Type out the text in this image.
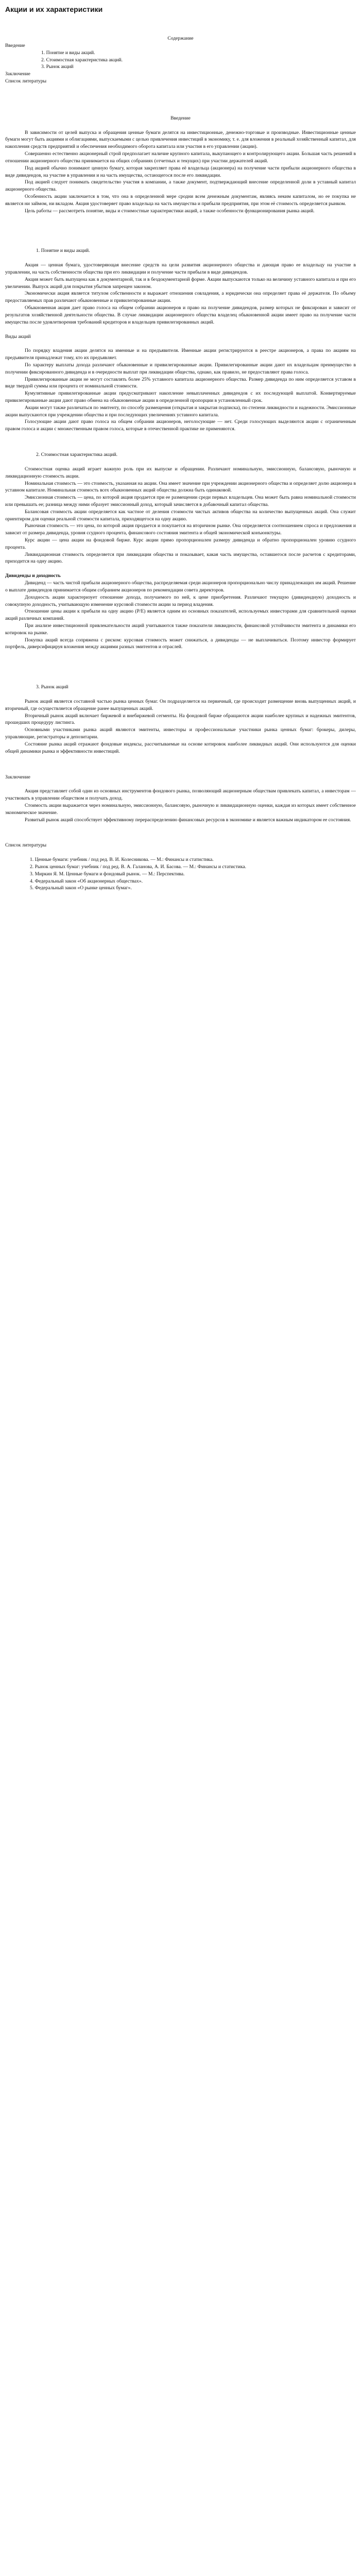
Акции и их характеристики
Содержание
Введение
1. Понятие и виды акций.
2. Стоимостная характеристика акций.
3. Рынок акций
Заключение
Список литературы
Введение

В зависимости от целей выпуска и обращения ценные бумаги делятся на инвестиционные, денежно-торговые и производные. Инвестиционные ценные бумаги могут быть акциями и облигациями, выпускаемыми с целью привлечения инвестиций в экономику, т. е. для вложения в реальный хозяйственный капитал, для накопления средств предприятий и обеспечения необходимого оборота капитала или участия в его управлении (акции).

Совершенно естественно акционерный строй предполагает наличие крупного капитала, выкупающего и контролирующего акции. Большая часть решений в отношении акционерного общества принимается на общих собраниях (отчетных и текущих) при участии держателей акций.

Под акцией обычно понимают ценную бумагу, которая закрепляет права её владельца (акционера) на получение части прибыли акционерного общества в виде дивидендов, на участие в управлении и на часть имущества, остающегося после его ликвидации.

Под акцией следует понимать свидетельство участия в компании, а также документ, подтверждающий внесение определенной доли в уставный капитал акционерного общества.

Особенность акции заключается в том, что она в определенной мере сродни всем денежным документам, являясь неким капиталом, но ее покупка не является ни займом, ни вкладом. Акция удостоверяет право владельца на часть имущества и прибыли предприятия, при этом её стоимость определяется рынком.

Цель работы — рассмотреть понятие, виды и стоимостные характеристики акций, а также особенности функционирования рынка акций.

1. Понятие и виды акций.

Акция — ценная бумага, удостоверяющая внесение средств на цели развития акционерного общества и дающая право ее владельцу на участие в управлении, на часть собственности общества при его ликвидации и получение части прибыли в виде дивидендов.

Акция может быть выпущена как в документарной, так и в бездокументарной форме. Акции выпускаются только на величину уставного капитала и при его увеличении. Выпуск акций для покрытия убытков запрещен законом.

Экономически акция является титулом собственности и выражает отношения совладения, а юридически она определяет права её держателя. По объему предоставляемых прав различают обыкновенные и привилегированные акции.

Обыкновенная акция дает право голоса на общем собрании акционеров и право на получение дивидендов, размер которых не фиксирован и зависит от результатов хозяйственной деятельности общества. В случае ликвидации акционерного общества владелец обыкновенной акции имеет право на получение части имущества после удовлетворения требований кредиторов и владельцев привилегированных акций.

Виды акций

По порядку владения акции делятся на именные и на предъявителя. Именные акции регистрируются в реестре акционеров, а права по акциям на предъявителя принадлежат тому, кто их предъявляет.

По характеру выплаты дохода различают обыкновенные и привилегированные акции. Привилегированные акции дают их владельцам преимущество в получении фиксированного дивиденда и в очередности выплат при ликвидации общества, однако, как правило, не предоставляют права голоса.

Привилегированные акции не могут составлять более 25% уставного капитала акционерного общества. Размер дивиденда по ним определяется уставом в виде твердой суммы или процента от номинальной стоимости.

Кумулятивные привилегированные акции предусматривают накопление невыплаченных дивидендов с их последующей выплатой. Конвертируемые привилегированные акции дают право обмена на обыкновенные акции в определенной пропорции в установленный срок.

Акции могут также различаться по эмитенту, по способу размещения (открытая и закрытая подписка), по степени ликвидности и надежности. Эмиссионные акции выпускаются при учреждении общества и при последующих увеличениях уставного капитала.

Голосующие акции дают право голоса на общем собрании акционеров, неголосующие — нет. Среди голосующих выделяются акции с ограниченным правом голоса и акции с множественным правом голоса, которые в отечественной практике не применяются.

2. Стоимостная характеристика акций.

Стоимостная оценка акций играет важную роль при их выпуске и обращении. Различают номинальную, эмиссионную, балансовую, рыночную и ликвидационную стоимость акции.

Номинальная стоимость — это стоимость, указанная на акции. Она имеет значение при учреждении акционерного общества и определяет долю акционера в уставном капитале. Номинальная стоимость всех обыкновенных акций общества должна быть одинаковой.

Эмиссионная стоимость — цена, по которой акция продается при ее размещении среди первых владельцев. Она может быть равна номинальной стоимости или превышать ее; разница между ними образует эмиссионный доход, который зачисляется в добавочный капитал общества.

Балансовая стоимость акции определяется как частное от деления стоимости чистых активов общества на количество выпущенных акций. Она служит ориентиром для оценки реальной стоимости капитала, приходящегося на одну акцию.

Рыночная стоимость — это цена, по которой акция продается и покупается на вторичном рынке. Она определяется соотношением спроса и предложения и зависит от размера дивиденда, уровня ссудного процента, финансового состояния эмитента и общей экономической конъюнктуры.

Курс акции — цена акции на фондовой бирже. Курс акции прямо пропорционален размеру дивиденда и обратно пропорционален уровню ссудного процента.

Ликвидационная стоимость определяется при ликвидации общества и показывает, какая часть имущества, оставшегося после расчетов с кредиторами, приходится на одну акцию.

Дивиденды и доходность

Дивиденд — часть чистой прибыли акционерного общества, распределяемая среди акционеров пропорционально числу принадлежащих им акций. Решение о выплате дивидендов принимается общим собранием акционеров по рекомендации совета директоров.

Доходность акции характеризует отношение дохода, получаемого по ней, к цене приобретения. Различают текущую (дивидендную) доходность и совокупную доходность, учитывающую изменение курсовой стоимости акции за период владения.

Отношение цены акции к прибыли на одну акцию (P/E) является одним из основных показателей, используемых инвесторами для сравнительной оценки акций различных компаний.

При анализе инвестиционной привлекательности акций учитываются также показатели ликвидности, финансовой устойчивости эмитента и динамики его котировок на рынке.

Покупка акций всегда сопряжена с риском: курсовая стоимость может снижаться, а дивиденды — не выплачиваться. Поэтому инвестор формирует портфель, диверсифицируя вложения между акциями разных эмитентов и отраслей.

3. Рынок акций

Рынок акций является составной частью рынка ценных бумаг. Он подразделяется на первичный, где происходит размещение вновь выпущенных акций, и вторичный, где осуществляется обращение ранее выпущенных акций.

Вторичный рынок акций включает биржевой и внебиржевой сегменты. На фондовой бирже обращаются акции наиболее крупных и надежных эмитентов, прошедших процедуру листинга.

Основными участниками рынка акций являются эмитенты, инвесторы и профессиональные участники рынка ценных бумаг: брокеры, дилеры, управляющие, регистраторы и депозитарии.

Состояние рынка акций отражают фондовые индексы, рассчитываемые на основе котировок наиболее ликвидных акций. Они используются для оценки общей динамики рынка и эффективности инвестиций.

Заключение

Акция представляет собой один из основных инструментов фондового рынка, позволяющий акционерным обществам привлекать капитал, а инвесторам — участвовать в управлении обществом и получать доход.

Стоимость акции выражается через номинальную, эмиссионную, балансовую, рыночную и ликвидационную оценки, каждая из которых имеет собственное экономическое значение.

Развитый рынок акций способствует эффективному перераспределению финансовых ресурсов в экономике и является важным индикатором ее состояния.

Список литературы

1. Ценные бумаги: учебник / под ред. В. И. Колесникова. — М.: Финансы и статистика.
2. Рынок ценных бумаг: учебник / под ред. В. А. Галанова, А. И. Басова. — М.: Финансы и статистика.
3. Миркин Я. М. Ценные бумаги и фондовый рынок. — М.: Перспектива.
4. Федеральный закон «Об акционерных обществах».
5. Федеральный закон «О рынке ценных бумаг».
